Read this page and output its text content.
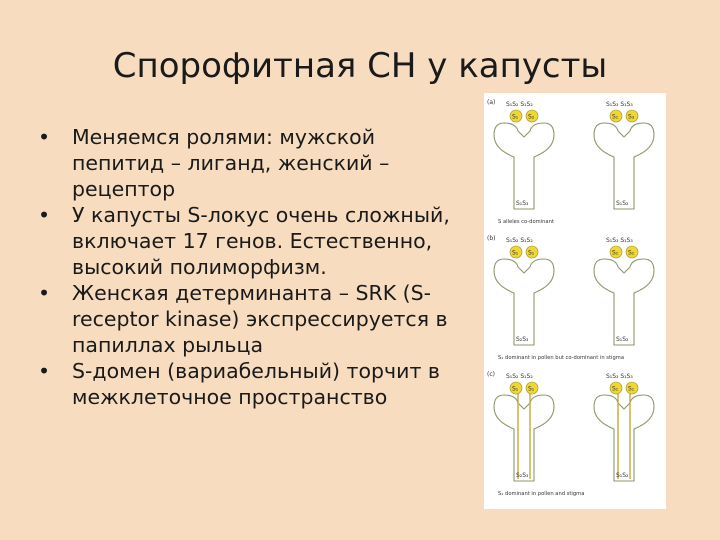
Спорофитная СН у капусты
•	Меняемся ролями: мужской пепитид – лиганд, женский – рецептор
•	У капусты S-локус очень сложный, включает 17 генов. Естественно, высокий полиморфизм.
•	Женская детерминанта – SRK (S-receptor kinase) экспрессируется в папиллах рыльца
•	S-домен (вариабельный) торчит в межклеточное пространство
(a) S₁S₂ S₁S₂
S₁ S₂
S₁S₃
S₁S₃ S₁S₃
S₁ S₃
S₁S₂
S alleles co-dominant
(b) S₁S₂ S₁S₂
S₁ S₁
S₂S₃
S₁S₃ S₁S₃
S₁ S₁
S₁S₂
S₁ dominant in pollen but co-dominant in stigma
(c) S₁S₂ S₁S₂
S₁ S₁
S₂S₃
S₁S₃ S₁S₃
S₁ S₁
S₁S₂
S₁ dominant in pollen and stigma
